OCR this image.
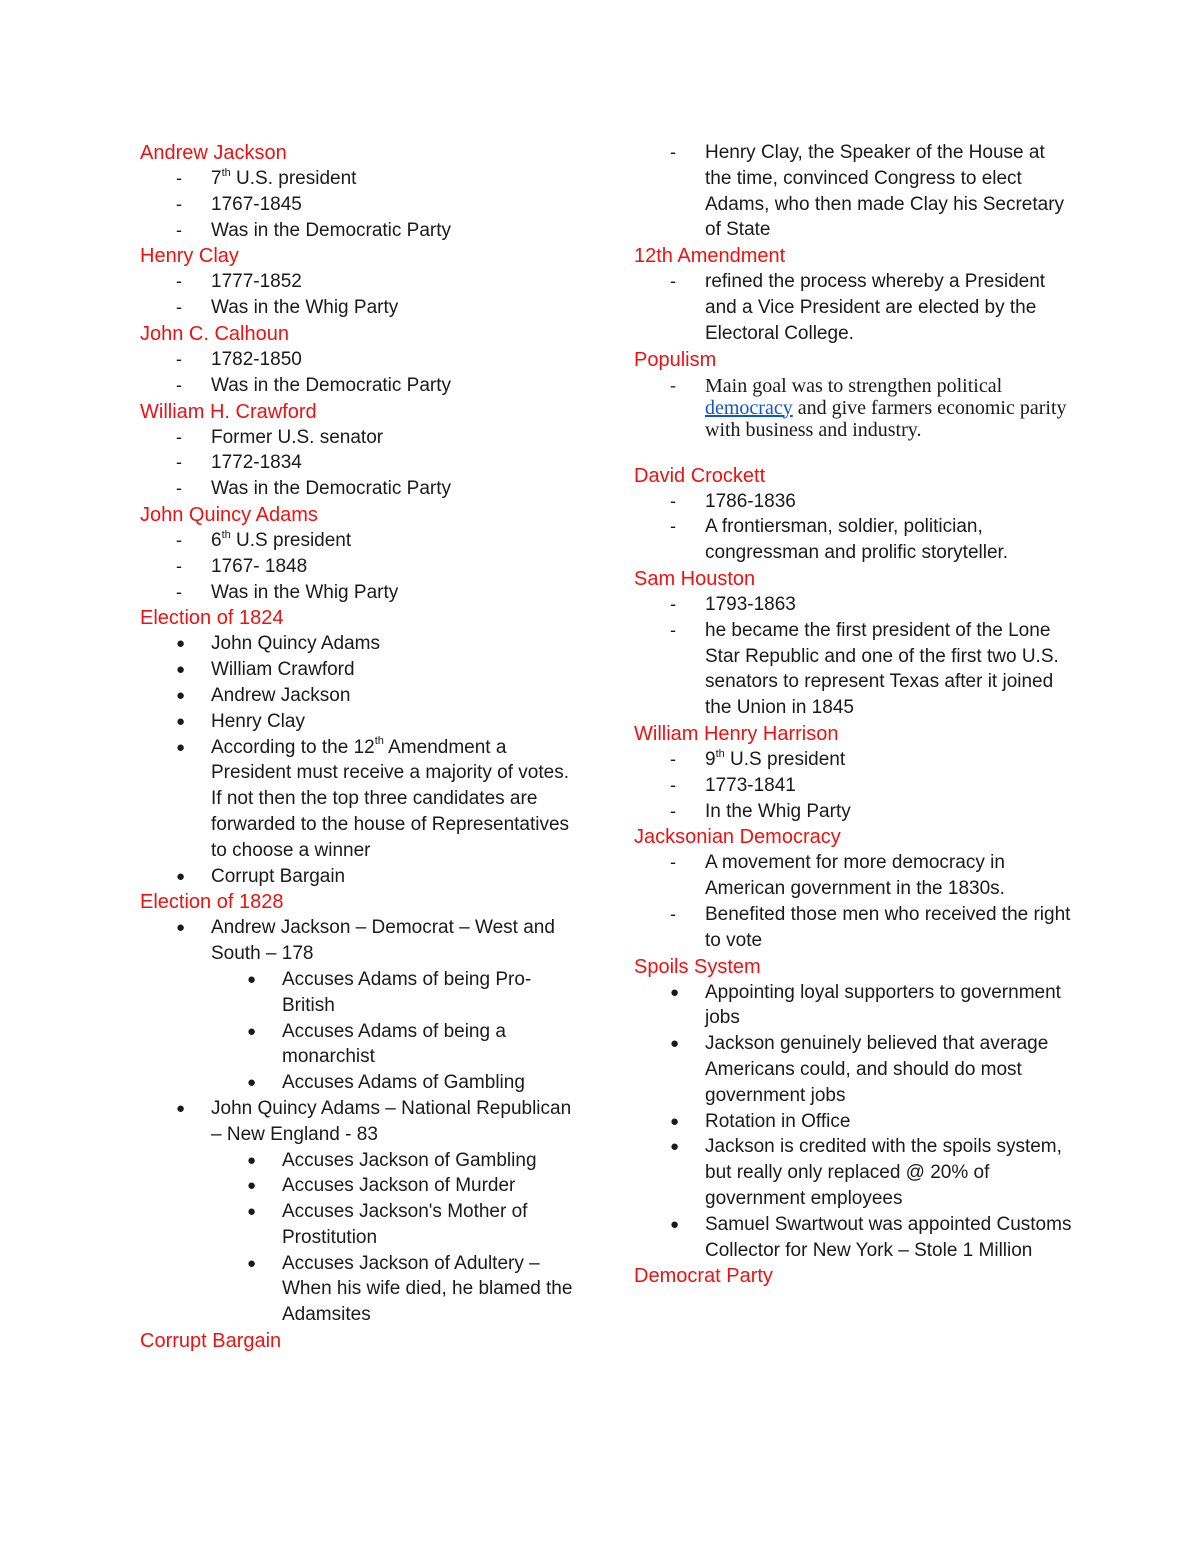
Andrew Jackson

- 7th U.S. president

- 1767-1845

- Was in the Democratic Party

Henry Clay

- 1777-1852

- Was in the Whig Party

John C. Calhoun

- 1782-1850

- Was in the Democratic Party

William H. Crawford

- Former U.S. senator

- 1772-1834

- Was in the Democratic Party

John Quincy Adams

- 6th U.S president

- 1767- 1848

- Was in the Whig Party

Election of 1824

● John Quincy Adams

● William Crawford

● Andrew Jackson

● Henry Clay

● According to the 12th Amendment a President must receive a majority of votes. If not then the top three candidates are forwarded to the house of Representatives to choose a winner

● Corrupt Bargain

Election of 1828

● Andrew Jackson – Democrat – West and South – 178

● Accuses Adams of being Pro-British

● Accuses Adams of being a monarchist

● Accuses Adams of Gambling

● John Quincy Adams – National Republican – New England - 83

● Accuses Jackson of Gambling

● Accuses Jackson of Murder

● Accuses Jackson's Mother of Prostitution

● Accuses Jackson of Adultery – When his wife died, he blamed the Adamsites

Corrupt Bargain

- Henry Clay, the Speaker of the House at the time, convinced Congress to elect Adams, who then made Clay his Secretary of State

12th Amendment

- refined the process whereby a President and a Vice President are elected by the Electoral College.

Populism

- Main goal was to strengthen political democracy and give farmers economic parity with business and industry.

David Crockett

- 1786-1836

- A frontiersman, soldier, politician, congressman and prolific storyteller.

Sam Houston

- 1793-1863

- he became the first president of the Lone Star Republic and one of the first two U.S. senators to represent Texas after it joined the Union in 1845

William Henry Harrison

- 9th U.S president

- 1773-1841

- In the Whig Party

Jacksonian Democracy

- A movement for more democracy in American government in the 1830s.

- Benefited those men who received the right to vote

Spoils System

● Appointing loyal supporters to government jobs

● Jackson genuinely believed that average Americans could, and should do most government jobs

● Rotation in Office

● Jackson is credited with the spoils system, but really only replaced @ 20% of government employees

● Samuel Swartwout was appointed Customs Collector for New York – Stole 1 Million

Democrat Party
